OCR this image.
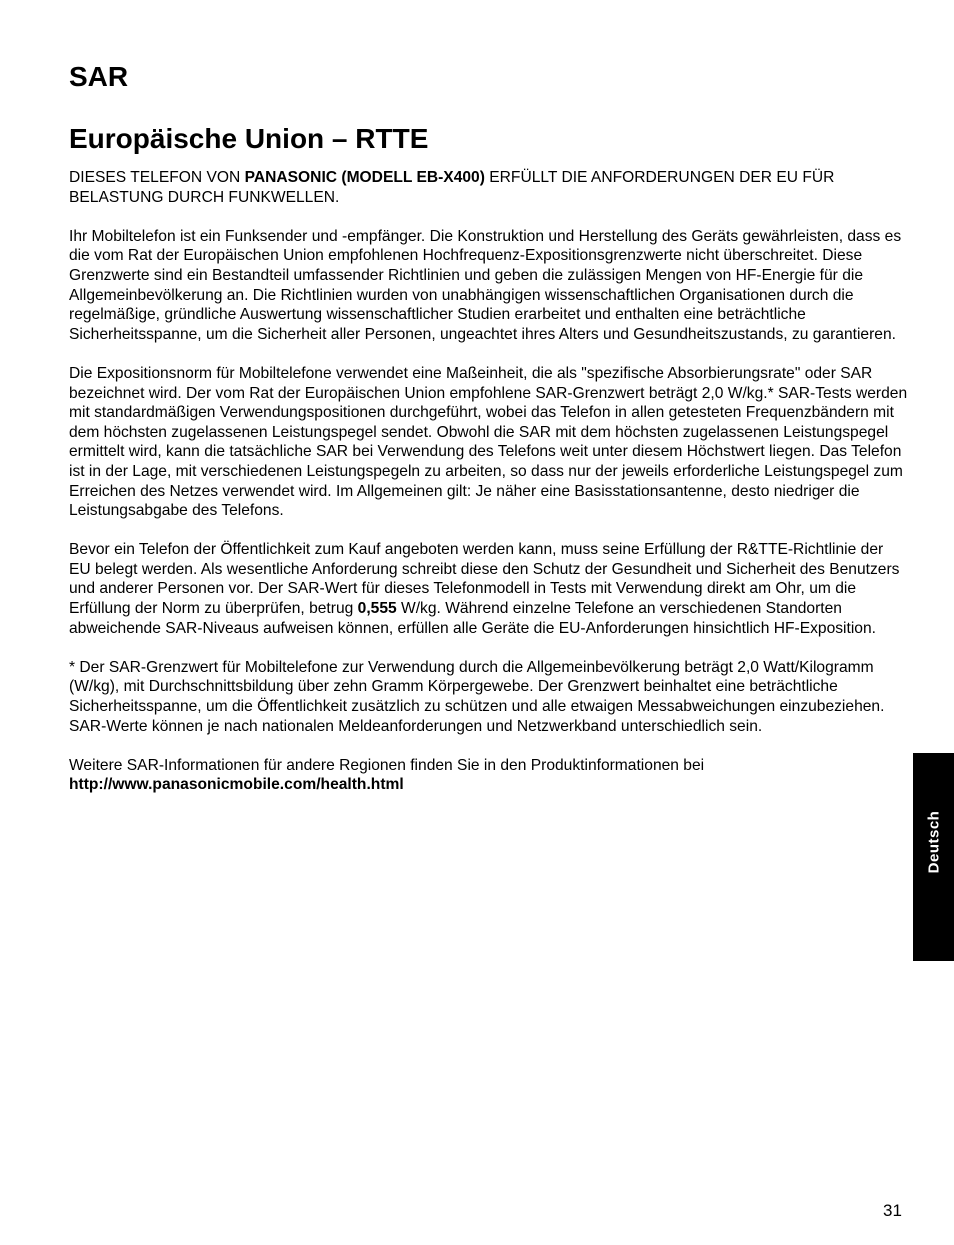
SAR
Europäische Union – RTTE

DIESES TELEFON VON PANASONIC (MODELL EB-X400) ERFÜLLT DIE ANFORDERUNGEN DER EU FÜR BELASTUNG DURCH FUNKWELLEN.

Ihr Mobiltelefon ist ein Funksender und -empfänger. Die Konstruktion und Herstellung des Geräts gewährleisten, dass es die vom Rat der Europäischen Union empfohlenen Hochfrequenz-Expositionsgrenzwerte nicht überschreitet. Diese Grenzwerte sind ein Bestandteil umfassender Richtlinien und geben die zulässigen Mengen von HF-Energie für die Allgemeinbevölkerung an. Die Richtlinien wurden von unabhängigen wissenschaftlichen Organisationen durch die regelmäßige, gründliche Auswertung wissenschaftlicher Studien erarbeitet und enthalten eine beträchtliche Sicherheitsspanne, um die Sicherheit aller Personen, ungeachtet ihres Alters und Gesundheitszustands, zu garantieren.

Die Expositionsnorm für Mobiltelefone verwendet eine Maßeinheit, die als "spezifische Absorbierungsrate" oder SAR bezeichnet wird. Der vom Rat der Europäischen Union empfohlene SAR-Grenzwert beträgt 2,0 W/kg.* SAR-Tests werden mit standardmäßigen Verwendungspositionen durchgeführt, wobei das Telefon in allen getesteten Frequenzbändern mit dem höchsten zugelassenen Leistungspegel sendet. Obwohl die SAR mit dem höchsten zugelassenen Leistungspegel ermittelt wird, kann die tatsächliche SAR bei Verwendung des Telefons weit unter diesem Höchstwert liegen. Das Telefon ist in der Lage, mit verschiedenen Leistungspegeln zu arbeiten, so dass nur der jeweils erforderliche Leistungspegel zum Erreichen des Netzes verwendet wird. Im Allgemeinen gilt: Je näher eine Basisstationsantenne, desto niedriger die Leistungsabgabe des Telefons.

Bevor ein Telefon der Öffentlichkeit zum Kauf angeboten werden kann, muss seine Erfüllung der R&TTE-Richtlinie der EU belegt werden. Als wesentliche Anforderung schreibt diese den Schutz der Gesundheit und Sicherheit des Benutzers und anderer Personen vor. Der SAR-Wert für dieses Telefonmodell in Tests mit Verwendung direkt am Ohr, um die Erfüllung der Norm zu überprüfen, betrug 0,555 W/kg. Während einzelne Telefone an verschiedenen Standorten abweichende SAR-Niveaus aufweisen können, erfüllen alle Geräte die EU-Anforderungen hinsichtlich HF-Exposition.

* Der SAR-Grenzwert für Mobiltelefone zur Verwendung durch die Allgemeinbevölkerung beträgt 2,0 Watt/Kilogramm (W/kg), mit Durchschnittsbildung über zehn Gramm Körpergewebe. Der Grenzwert beinhaltet eine beträchtliche Sicherheitsspanne, um die Öffentlichkeit zusätzlich zu schützen und alle etwaigen Messabweichungen einzubeziehen. SAR-Werte können je nach nationalen Meldeanforderungen und Netzwerkband unterschiedlich sein.

Weitere SAR-Informationen für andere Regionen finden Sie in den Produktinformationen bei
http://www.panasonicmobile.com/health.html

Deutsch
31
